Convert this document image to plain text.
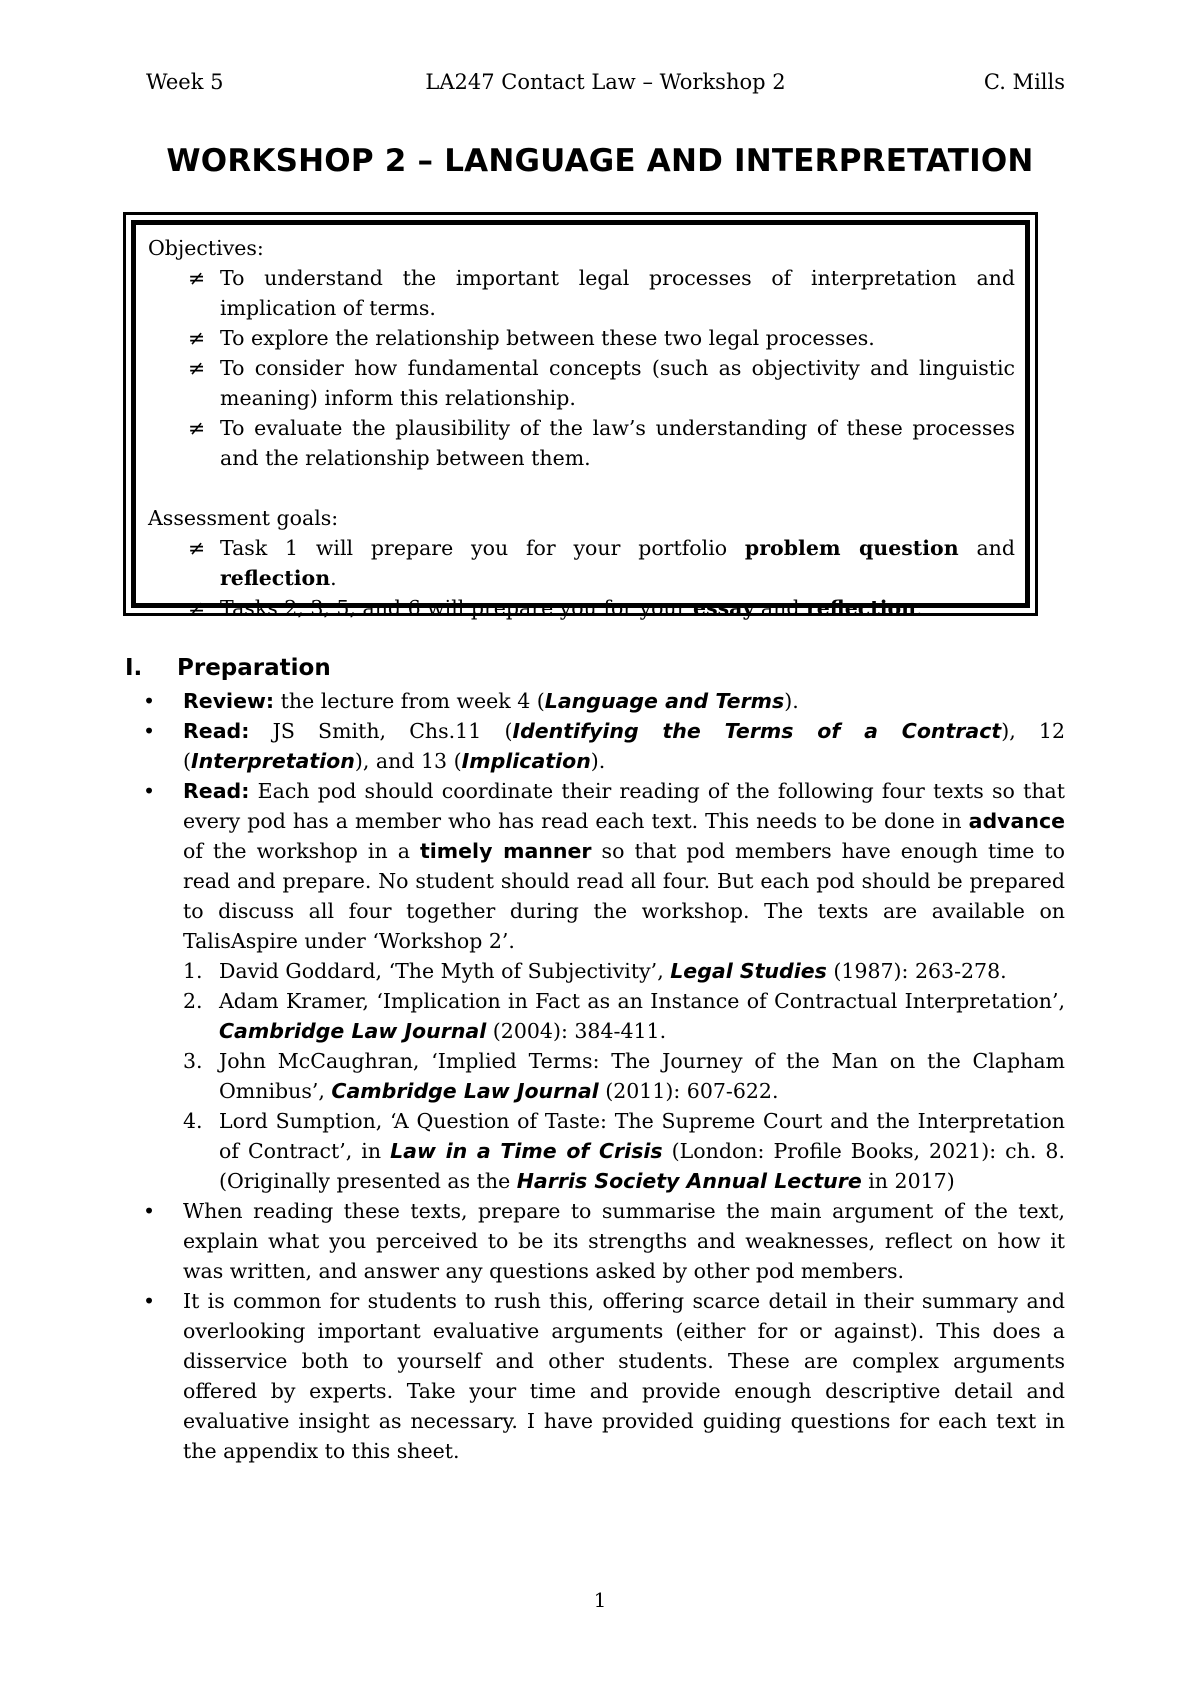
Week 5	LA247 Contact Law – Workshop 2	C. Mills
WORKSHOP 2 – LANGUAGE AND INTERPRETATION

Objectives:

≠ To understand the important legal processes of interpretation and implication of terms.
≠ To explore the relationship between these two legal processes.
≠ To consider how fundamental concepts (such as objectivity and linguistic meaning) inform this relationship.
≠ To evaluate the plausibility of the law’s understanding of these processes and the relationship between them.

Assessment goals:

≠ Task 1 will prepare you for your portfolio problem question and reflection.
≠ Tasks 2, 3, 5, and 6 will prepare you for your essay and reflection.
I. Preparation
• Review: the lecture from week 4 (Language and Terms).
• Read: JS Smith, Chs.11 (Identifying the Terms of a Contract), 12 (Interpretation), and 13 (Implication).
• Read: Each pod should coordinate their reading of the following four texts so that every pod has a member who has read each text. This needs to be done in advance of the workshop in a timely manner so that pod members have enough time to read and prepare. No student should read all four. But each pod should be prepared to discuss all four together during the workshop. The texts are available on TalisAspire under ‘Workshop 2’.
1. David Goddard, ‘The Myth of Subjectivity’, Legal Studies (1987): 263-278.
2. Adam Kramer, ‘Implication in Fact as an Instance of Contractual Interpretation’, Cambridge Law Journal (2004): 384-411.
3. John McCaughran, ‘Implied Terms: The Journey of the Man on the Clapham Omnibus’, Cambridge Law Journal (2011): 607-622.
4. Lord Sumption, ‘A Question of Taste: The Supreme Court and the Interpretation of Contract’, in Law in a Time of Crisis (London: Profile Books, 2021): ch. 8. (Originally presented as the Harris Society Annual Lecture in 2017)
• When reading these texts, prepare to summarise the main argument of the text, explain what you perceived to be its strengths and weaknesses, reflect on how it was written, and answer any questions asked by other pod members.
• It is common for students to rush this, offering scarce detail in their summary and overlooking important evaluative arguments (either for or against). This does a disservice both to yourself and other students. These are complex arguments offered by experts. Take your time and provide enough descriptive detail and evaluative insight as necessary. I have provided guiding questions for each text in the appendix to this sheet.
1
